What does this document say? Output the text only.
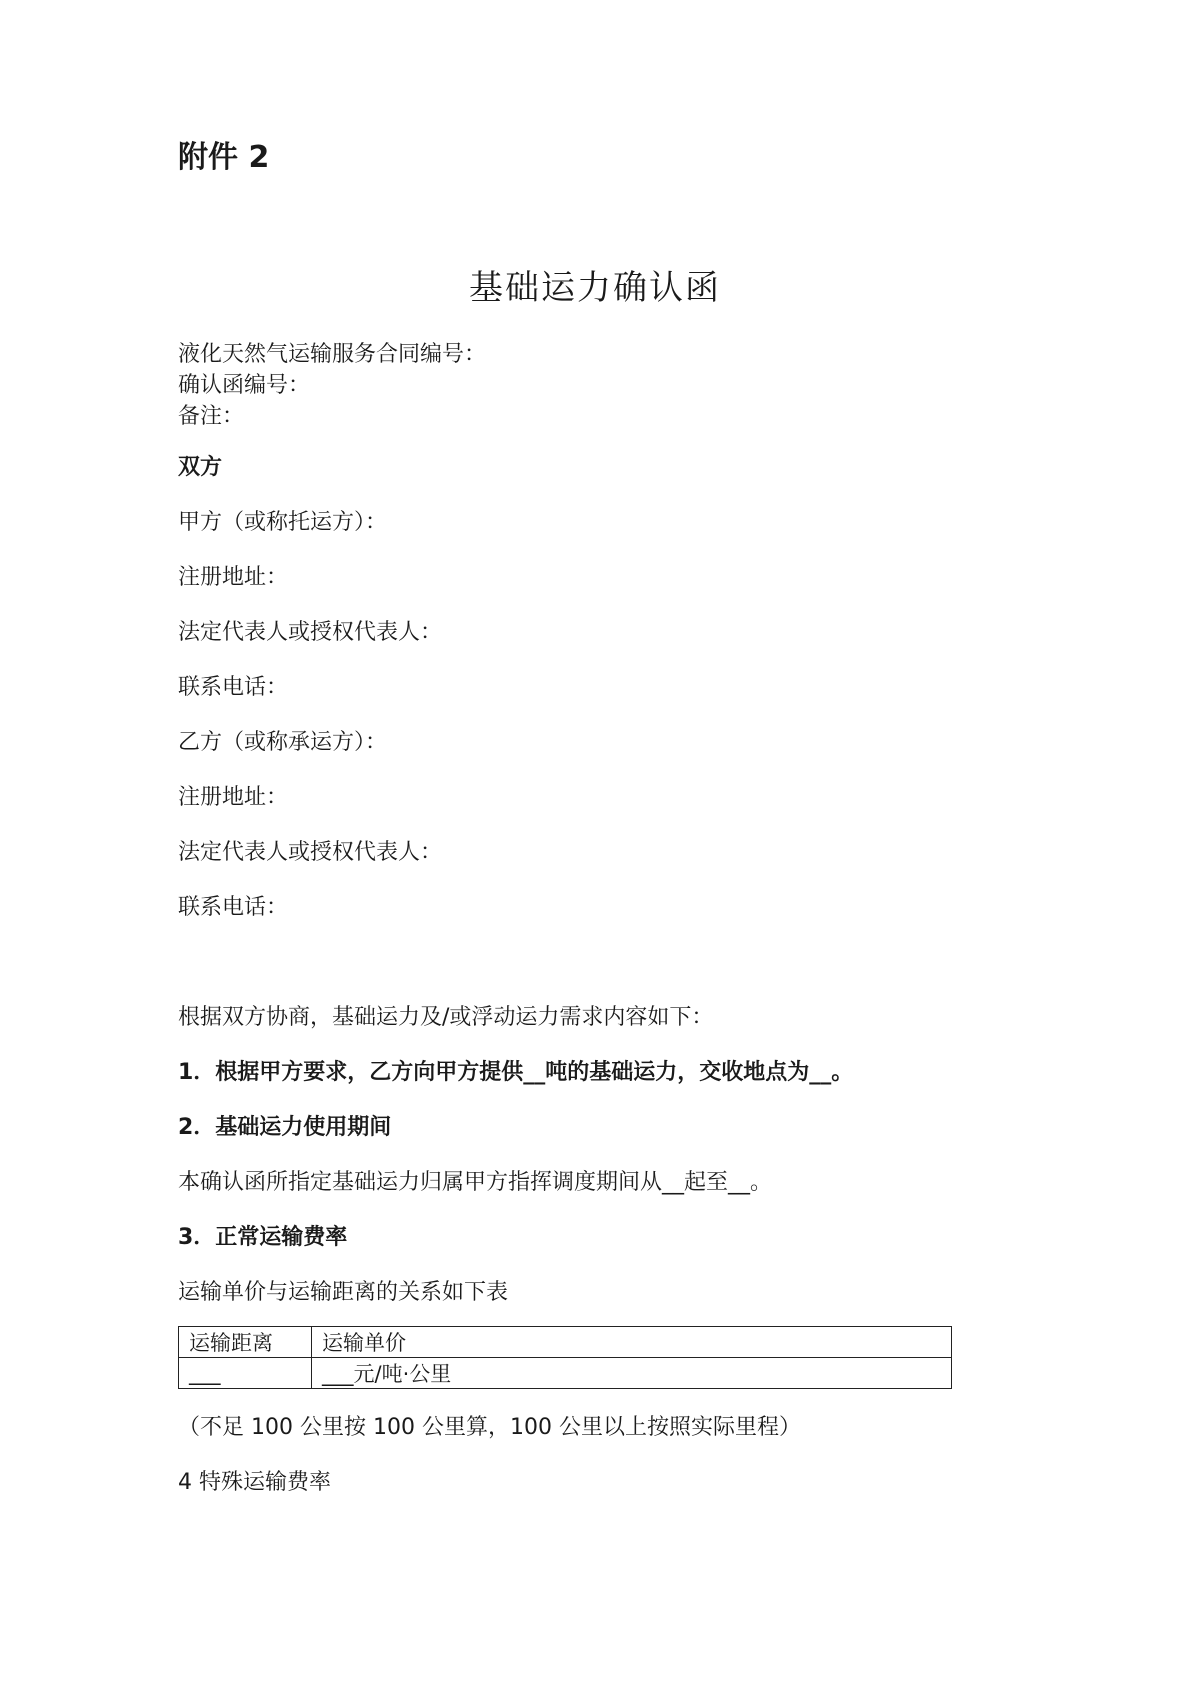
附件 2
基础运力确认函
液化天然气运输服务合同编号：
确认函编号：
备注：
双方
甲方（或称托运方）：
注册地址：
法定代表人或授权代表人：
联系电话：
乙方（或称承运方）：
注册地址：
法定代表人或授权代表人：
联系电话：
根据双方协商，基础运力及/或浮动运力需求内容如下：
1．根据甲方要求，乙方向甲方提供__吨的基础运力，交收地点为__。
2．基础运力使用期间
本确认函所指定基础运力归属甲方指挥调度期间从__起至__。
3．正常运输费率
运输单价与运输距离的关系如下表
运输距离	运输单价
___	___元/吨·公里
（不足 100 公里按 100 公里算，100 公里以上按照实际里程）
4 特殊运输费率
